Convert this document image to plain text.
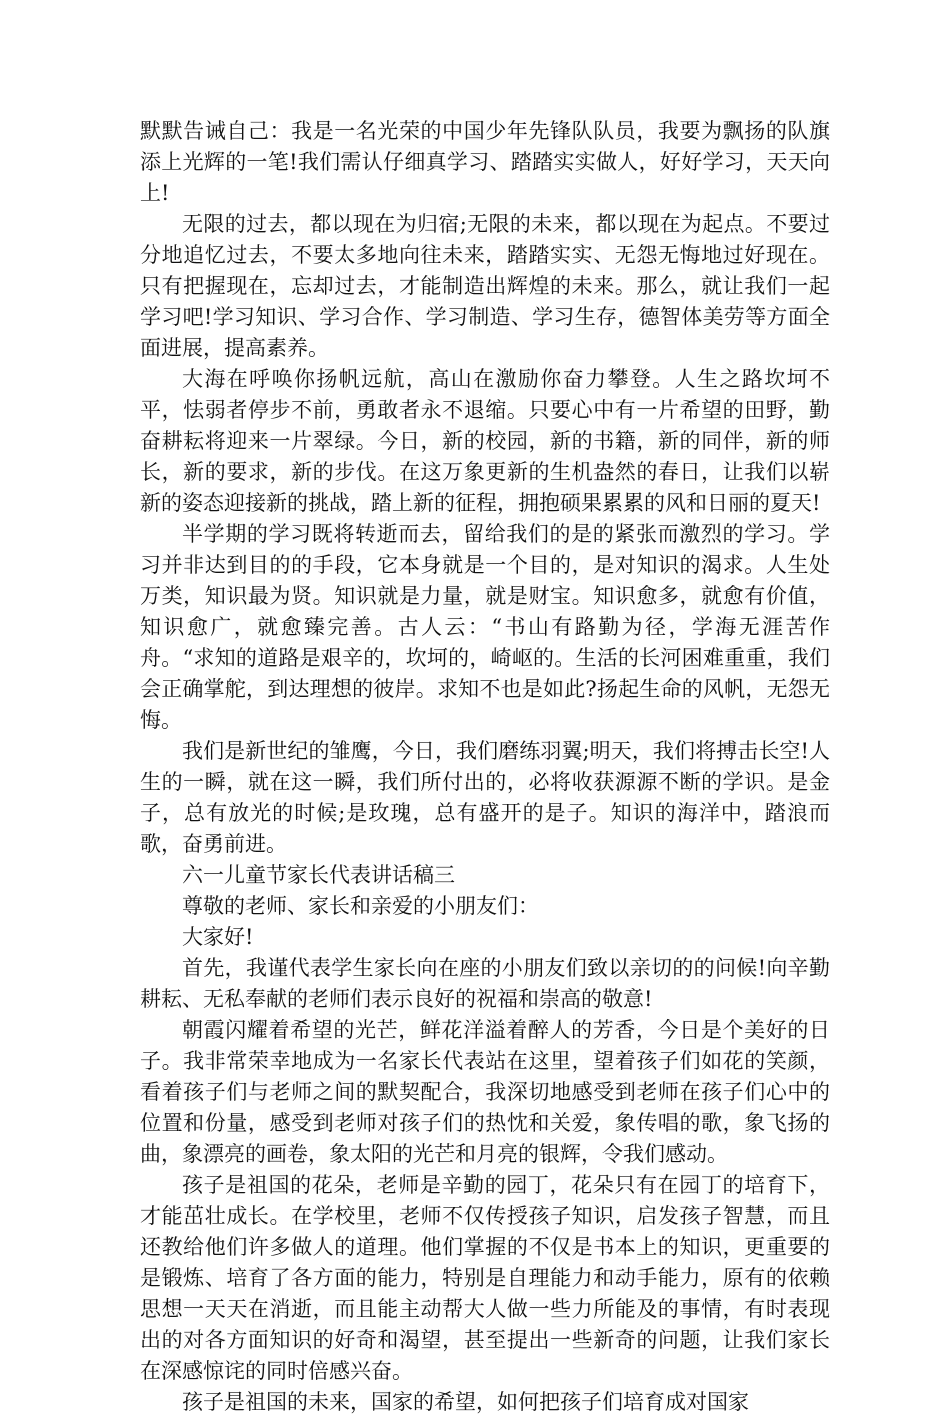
默默告诫自己：我是一名光荣的中国少年先锋队队员，我要为飘扬的队旗添上光辉的一笔!我们需认仔细真学习、踏踏实实做人，好好学习，天天向上!

无限的过去，都以现在为归宿;无限的未来，都以现在为起点。不要过分地追忆过去，不要太多地向往未来，踏踏实实、无怨无悔地过好现在。只有把握现在，忘却过去，才能制造出辉煌的未来。那么，就让我们一起学习吧!学习知识、学习合作、学习制造、学习生存，德智体美劳等方面全面进展，提高素养。

大海在呼唤你扬帆远航，高山在激励你奋力攀登。人生之路坎坷不平，怯弱者停步不前，勇敢者永不退缩。只要心中有一片希望的田野，勤奋耕耘将迎来一片翠绿。今日，新的校园，新的书籍，新的同伴，新的师长，新的要求，新的步伐。在这万象更新的生机盎然的春日，让我们以崭新的姿态迎接新的挑战，踏上新的征程，拥抱硕果累累的风和日丽的夏天!

半学期的学习既将转逝而去，留给我们的是的紧张而激烈的学习。学习并非达到目的的手段，它本身就是一个目的，是对知识的渴求。人生处万类，知识最为贤。知识就是力量，就是财宝。知识愈多，就愈有价值，知识愈广，就愈臻完善。古人云：“书山有路勤为径，学海无涯苦作舟。“求知的道路是艰辛的，坎坷的，崎岖的。生活的长河困难重重，我们会正确掌舵，到达理想的彼岸。求知不也是如此?扬起生命的风帆，无怨无悔。

我们是新世纪的雏鹰，今日，我们磨练羽翼;明天，我们将搏击长空!人生的一瞬，就在这一瞬，我们所付出的，必将收获源源不断的学识。是金子，总有放光的时候;是玫瑰，总有盛开的是子。知识的海洋中，踏浪而歌，奋勇前进。

六一儿童节家长代表讲话稿三

尊敬的老师、家长和亲爱的小朋友们：

大家好!

首先，我谨代表学生家长向在座的小朋友们致以亲切的的问候!向辛勤耕耘、无私奉献的老师们表示良好的祝福和崇高的敬意!

朝霞闪耀着希望的光芒，鲜花洋溢着醉人的芳香，今日是个美好的日子。我非常荣幸地成为一名家长代表站在这里，望着孩子们如花的笑颜，看着孩子们与老师之间的默契配合，我深切地感受到老师在孩子们心中的位置和份量，感受到老师对孩子们的热忱和关爱，象传唱的歌，象飞扬的曲，象漂亮的画卷，象太阳的光芒和月亮的银辉，令我们感动。

孩子是祖国的花朵，老师是辛勤的园丁，花朵只有在园丁的培育下，才能茁壮成长。在学校里，老师不仅传授孩子知识，启发孩子智慧，而且还教给他们许多做人的道理。他们掌握的不仅是书本上的知识，更重要的是锻炼、培育了各方面的能力，特别是自理能力和动手能力，原有的依赖思想一天天在消逝，而且能主动帮大人做一些力所能及的事情，有时表现出的对各方面知识的好奇和渴望，甚至提出一些新奇的问题，让我们家长在深感惊诧的同时倍感兴奋。

孩子是祖国的未来，国家的希望，如何把孩子们培育成对国家
